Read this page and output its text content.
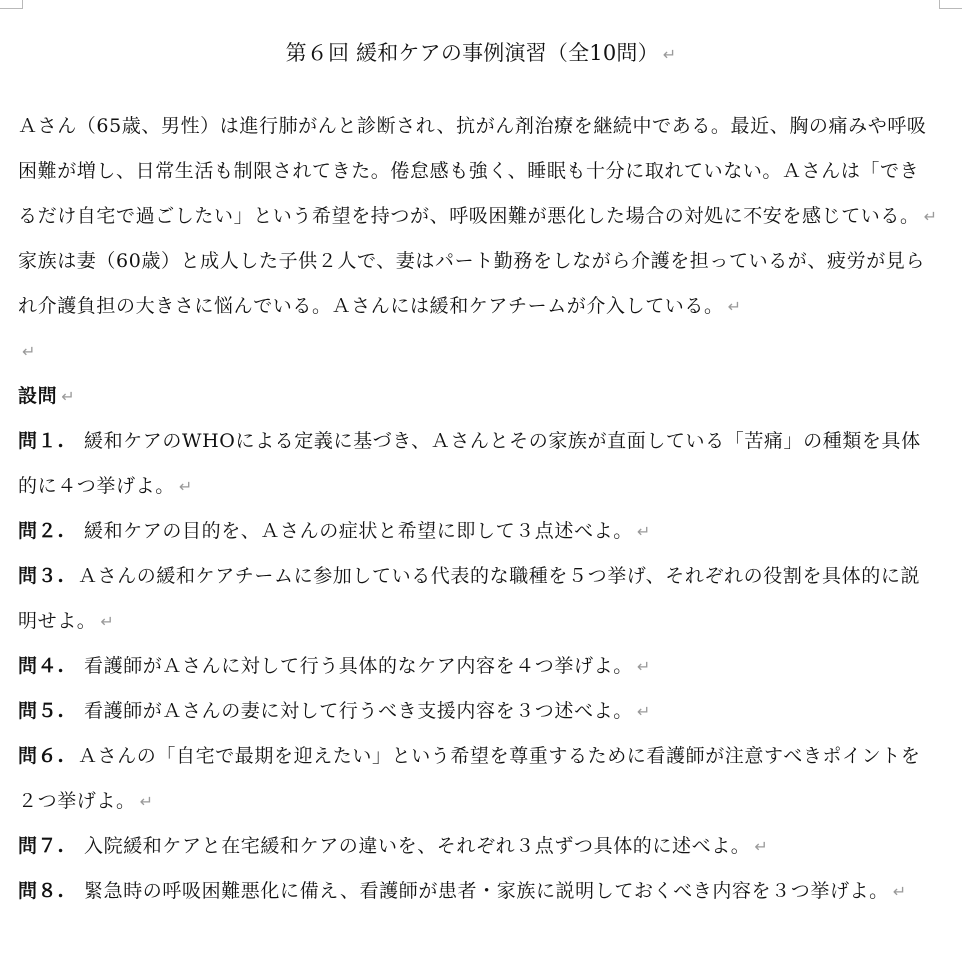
第６回 緩和ケアの事例演習（全10問） ↵
Ａさん（65歳、男性）は進行肺がんと診断され、抗がん剤治療を継続中である。最近、胸の痛みや呼吸
困難が増し、日常生活も制限されてきた。倦怠感も強く、睡眠も十分に取れていない。Ａさんは「でき
るだけ自宅で過ごしたい」という希望を持つが、呼吸困難が悪化した場合の対処に不安を感じている。 ↵
家族は妻（60歳）と成人した子供２人で、妻はパート勤務をしながら介護を担っているが、疲労が見ら
れ介護負担の大きさに悩んでいる。Ａさんには緩和ケアチームが介入している。 ↵
↵
設問 ↵
問１. 緩和ケアのWHOによる定義に基づき、Ａさんとその家族が直面している「苦痛」の種類を具体
的に４つ挙げよ。 ↵
問２. 緩和ケアの目的を、Ａさんの症状と希望に即して３点述べよ。 ↵
問３. Ａさんの緩和ケアチームに参加している代表的な職種を５つ挙げ、それぞれの役割を具体的に説
明せよ。 ↵
問４. 看護師がＡさんに対して行う具体的なケア内容を４つ挙げよ。 ↵
問５. 看護師がＡさんの妻に対して行うべき支援内容を３つ述べよ。 ↵
問６. Ａさんの「自宅で最期を迎えたい」という希望を尊重するために看護師が注意すべきポイントを
２つ挙げよ。 ↵
問７. 入院緩和ケアと在宅緩和ケアの違いを、それぞれ３点ずつ具体的に述べよ。 ↵
問８. 緊急時の呼吸困難悪化に備え、看護師が患者・家族に説明しておくべき内容を３つ挙げよ。 ↵
